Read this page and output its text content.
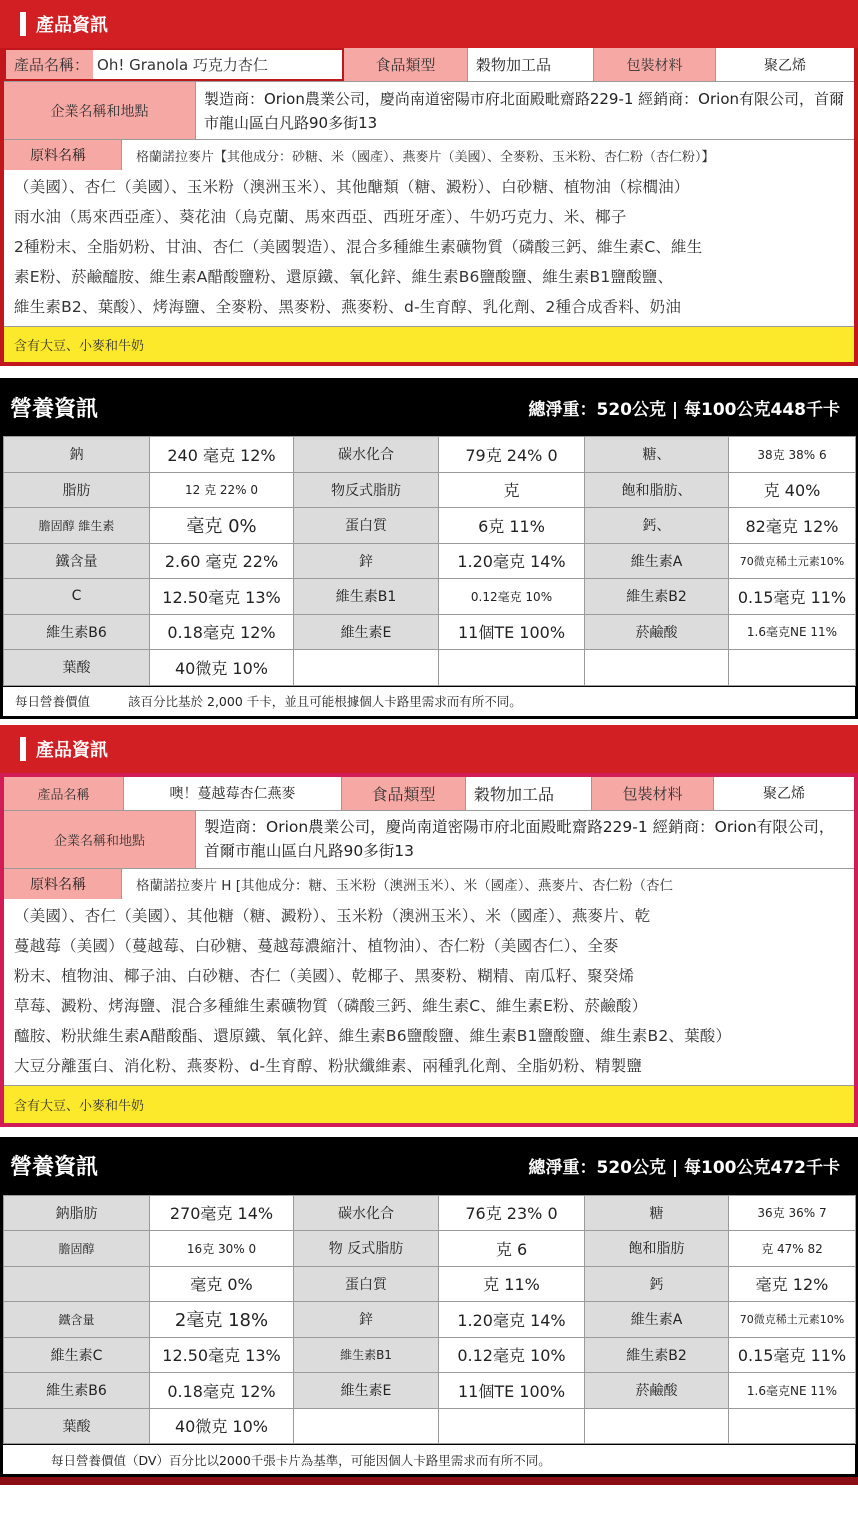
產品資訊
產品名稱： Oh! Granola 巧克力杏仁	食品類型	穀物加工品	包裝材料	聚乙烯
企業名稱和地點
製造商：Orion農業公司，慶尚南道密陽市府北面殿毗齋路229-1 經銷商：Orion有限公司，首爾市龍山區白凡路90多街13
原料名稱	格蘭諾拉麥片【其他成分：砂糖、米（國產）、燕麥片（美國）、全麥粉、玉米粉、杏仁粉（杏仁粉）】
（美國）、杏仁（美國）、玉米粉（澳洲玉米）、其他醣類（糖、澱粉）、白砂糖、植物油（棕櫚油）
雨水油（馬來西亞產）、葵花油（烏克蘭、馬來西亞、西班牙產）、牛奶巧克力、米、椰子
2種粉末、全脂奶粉、甘油、杏仁（美國製造）、混合多種維生素礦物質（磷酸三鈣、維生素C、維生
素E粉、菸鹼醯胺、維生素A醋酸鹽粉、還原鐵、氧化鋅、維生素B6鹽酸鹽、維生素B1鹽酸鹽、
維生素B2、葉酸）、烤海鹽、全麥粉、黑麥粉、燕麥粉、d-生育醇、乳化劑、2種合成香料、奶油
含有大豆、小麥和牛奶
營養資訊	總淨重：520公克 | 每100公克448千卡
鈉	240 毫克 12%	碳水化合	79克 24% 0	糖、	38克 38% 6
脂肪	12 克 22% 0	物反式脂肪	克	飽和脂肪、	克 40%
膽固醇 維生素	毫克 0%	蛋白質	6克 11%	鈣、	82毫克 12%
鐵含量	2.60 毫克 22%	鋅	1.20毫克 14%	維生素A	70微克稀土元素10%
C	12.50毫克 13%	維生素B1	0.12毫克 10%	維生素B2	0.15毫克 11%
維生素B6	0.18毫克 12%	維生素E	11個TE 100%	菸鹼酸	1.6毫克NE 11%
葉酸	40微克 10%				
每日營養價值	該百分比基於 2,000 千卡，並且可能根據個人卡路里需求而有所不同。
產品資訊
產品名稱	噢！蔓越莓杏仁燕麥	食品類型	穀物加工品	包裝材料	聚乙烯
企業名稱和地點
製造商：Orion農業公司，慶尚南道密陽市府北面殿毗齋路229-1 經銷商：Orion有限公司，首爾市龍山區白凡路90多街13
原料名稱	格蘭諾拉麥片 H [其他成分：糖、玉米粉（澳洲玉米）、米（國產）、燕麥片、杏仁粉（杏仁
（美國）、杏仁（美國）、其他糖（糖、澱粉）、玉米粉（澳洲玉米）、米（國產）、燕麥片、乾
蔓越莓（美國）（蔓越莓、白砂糖、蔓越莓濃縮汁、植物油）、杏仁粉（美國杏仁）、全麥
粉末、植物油、椰子油、白砂糖、杏仁（美國）、乾椰子、黑麥粉、糊精、南瓜籽、聚癸烯
草莓、澱粉、烤海鹽、混合多種維生素礦物質（磷酸三鈣、維生素C、維生素E粉、菸鹼酸）
醯胺、粉狀維生素A醋酸酯、還原鐵、氧化鋅、維生素B6鹽酸鹽、維生素B1鹽酸鹽、維生素B2、葉酸）
大豆分離蛋白、消化粉、燕麥粉、d-生育醇、粉狀纖維素、兩種乳化劑、全脂奶粉、精製鹽
含有大豆、小麥和牛奶
營養資訊	總淨重：520公克 | 每100公克472千卡
鈉脂肪	270毫克 14%	碳水化合	76克 23% 0	糖	36克 36% 7
膽固醇	16克 30% 0	物 反式脂肪	克 6	飽和脂肪	克 47% 82
	毫克 0%	蛋白質	克 11%	鈣	毫克 12%
鐵含量	2毫克 18%	鋅	1.20毫克 14%	維生素A	70微克稀土元素10%
維生素C	12.50毫克 13%	維生素B1	0.12毫克 10%	維生素B2	0.15毫克 11%
維生素B6	0.18毫克 12%	維生素E	11個TE 100%	菸鹼酸	1.6毫克NE 11%
葉酸	40微克 10%				
每日營養價值（DV）百分比以2000千張卡片為基準，可能因個人卡路里需求而有所不同。
